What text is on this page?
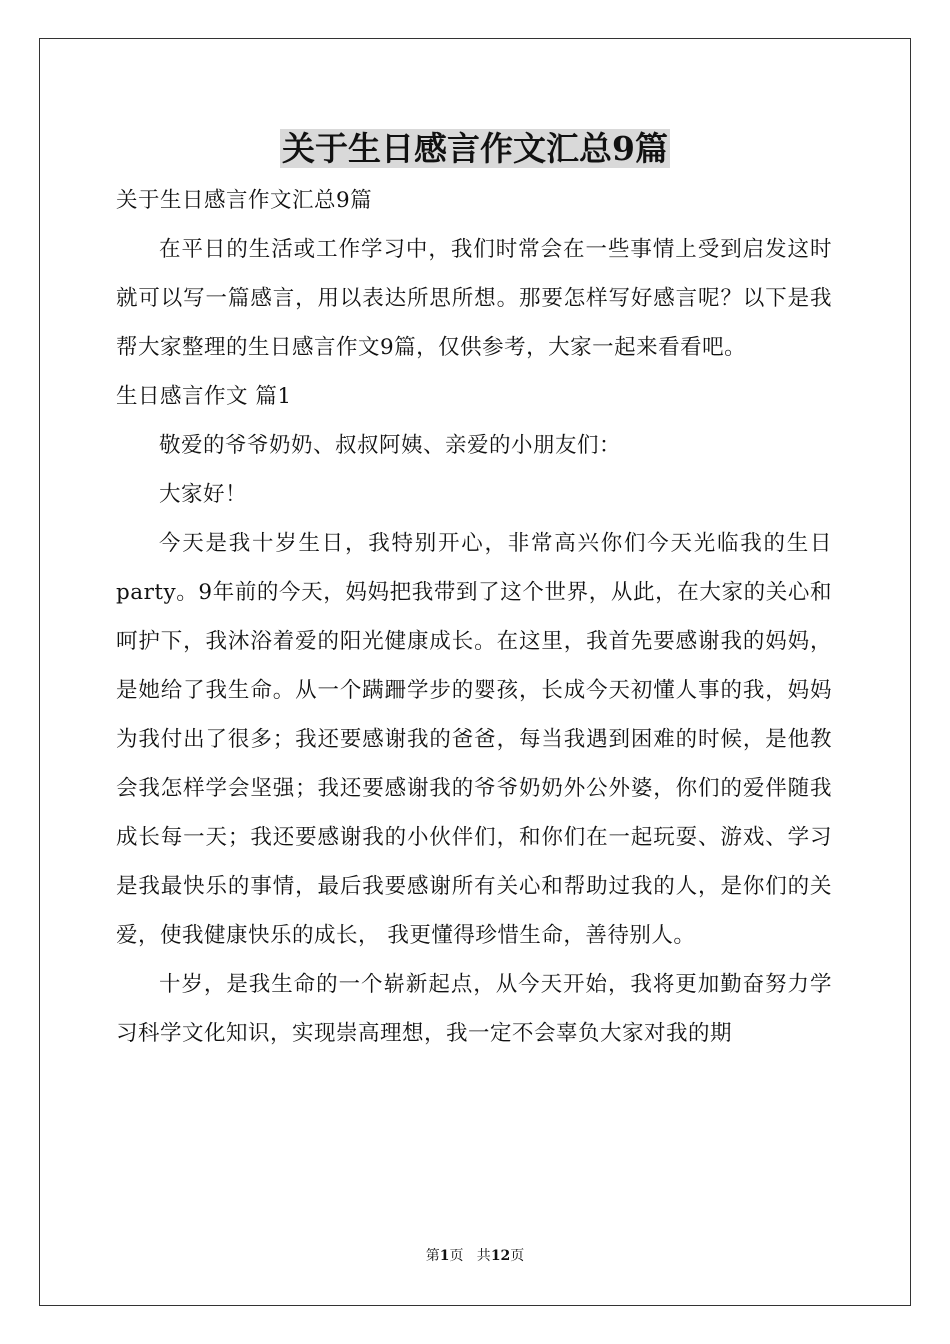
关于生日感言作文汇总9篇

关于生日感言作文汇总9篇

在平日的生活或工作学习中，我们时常会在一些事情上受到启发这时就可以写一篇感言，用以表达所思所想。那要怎样写好感言呢？以下是我帮大家整理的生日感言作文9篇，仅供参考，大家一起来看看吧。

生日感言作文 篇1

敬爱的爷爷奶奶、叔叔阿姨、亲爱的小朋友们：

大家好！

今天是我十岁生日，我特别开心，非常高兴你们今天光临我的生日party。9年前的今天，妈妈把我带到了这个世界，从此，在大家的关心和呵护下，我沐浴着爱的阳光健康成长。在这里，我首先要感谢我的妈妈，是她给了我生命。从一个蹒跚学步的婴孩，长成今天初懂人事的我，妈妈为我付出了很多；我还要感谢我的爸爸，每当我遇到困难的时候，是他教会我怎样学会坚强；我还要感谢我的爷爷奶奶外公外婆，你们的爱伴随我成长每一天；我还要感谢我的小伙伴们，和你们在一起玩耍、游戏、学习是我最快乐的事情，最后我要感谢所有关心和帮助过我的人，是你们的关爱，使我健康快乐的成长， 我更懂得珍惜生命，善待别人。

十岁，是我生命的一个崭新起点，从今天开始，我将更加勤奋努力学习科学文化知识，实现崇高理想，我一定不会辜负大家对我的期

第1页   共12页
